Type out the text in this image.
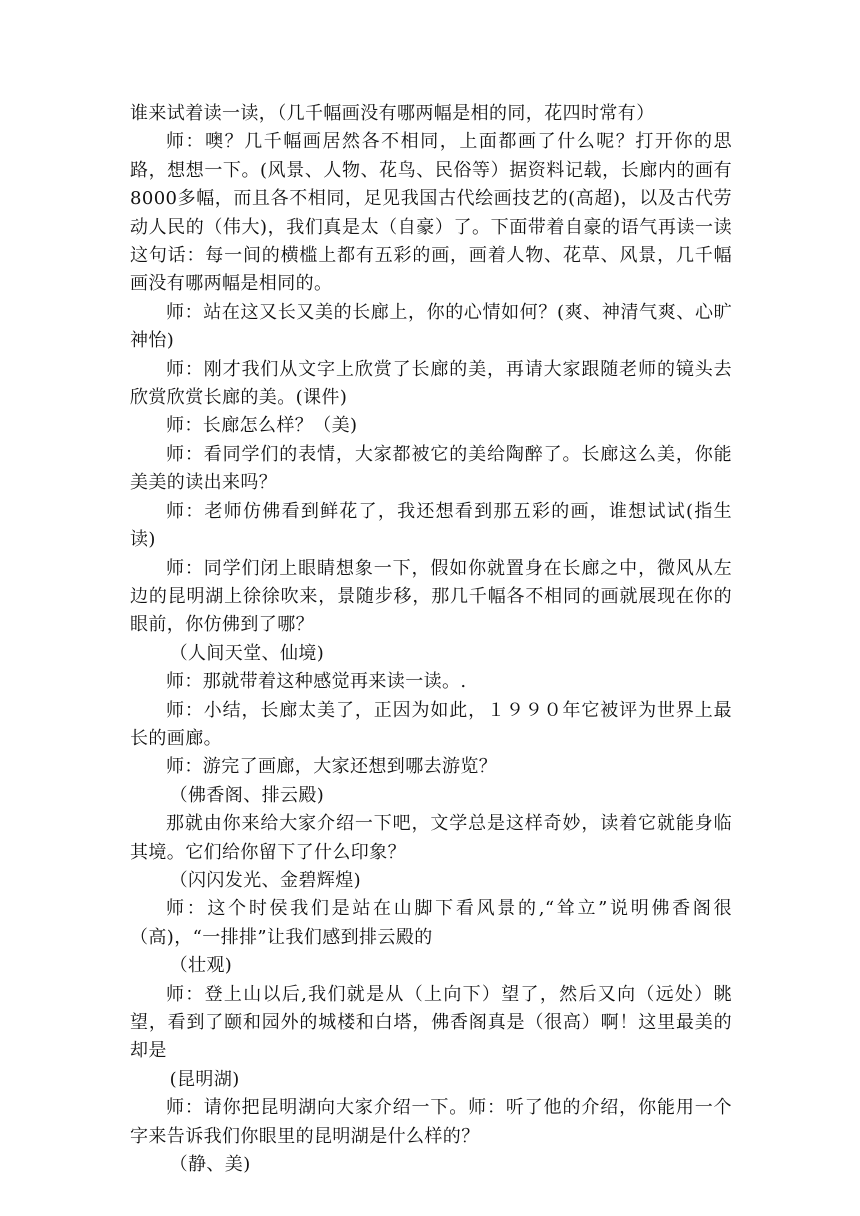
谁来试着读一读，（几千幅画没有哪两幅是相的同，花四时常有）

师：噢？几千幅画居然各不相同，上面都画了什么呢？打开你的思路，想想一下。(风景、人物、花鸟、民俗等）据资料记载，长廊内的画有 8000多幅，而且各不相同，足见我国古代绘画技艺的(高超)，以及古代劳动人民的（伟大)，我们真是太（自豪）了。下面带着自豪的语气再读一读这句话：每一间的横槛上都有五彩的画，画着人物、花草、风景，几千幅画没有哪两幅是相同的。

师：站在这又长又美的长廊上，你的心情如何？(爽、神清气爽、心旷神怡)

师：刚才我们从文字上欣赏了长廊的美，再请大家跟随老师的镜头去欣赏欣赏长廊的美。(课件)

师：长廊怎么样？（美)

师：看同学们的表情，大家都被它的美给陶醉了。长廊这么美，你能美美的读出来吗？

师：老师仿佛看到鲜花了，我还想看到那五彩的画，谁想试试(指生读)

师：同学们闭上眼睛想象一下，假如你就置身在长廊之中，微风从左边的昆明湖上徐徐吹来，景随步移，那几千幅各不相同的画就展现在你的眼前，你仿佛到了哪？

（人间天堂、仙境)

师：那就带着这种感觉再来读一读。.

师：小结，长廊太美了，正因为如此，１９９０年它被评为世界上最长的画廊。

师：游完了画廊，大家还想到哪去游览？

（佛香阁、排云殿)

那就由你来给大家介绍一下吧，文学总是这样奇妙，读着它就能身临其境。它们给你留下了什么印象？

（闪闪发光、金碧辉煌)

师：这个时侯我们是站在山脚下看风景的,“耸立”说明佛香阁很（高)，“一排排”让我们感到排云殿的

（壮观)

师：登上山以后,我们就是从（上向下）望了，然后又向（远处）眺望，看到了颐和园外的城楼和白塔，佛香阁真是（很高）啊！这里最美的却是

(昆明湖)

师：请你把昆明湖向大家介绍一下。师：听了他的介绍，你能用一个字来告诉我们你眼里的昆明湖是什么样的？

（静、美)
